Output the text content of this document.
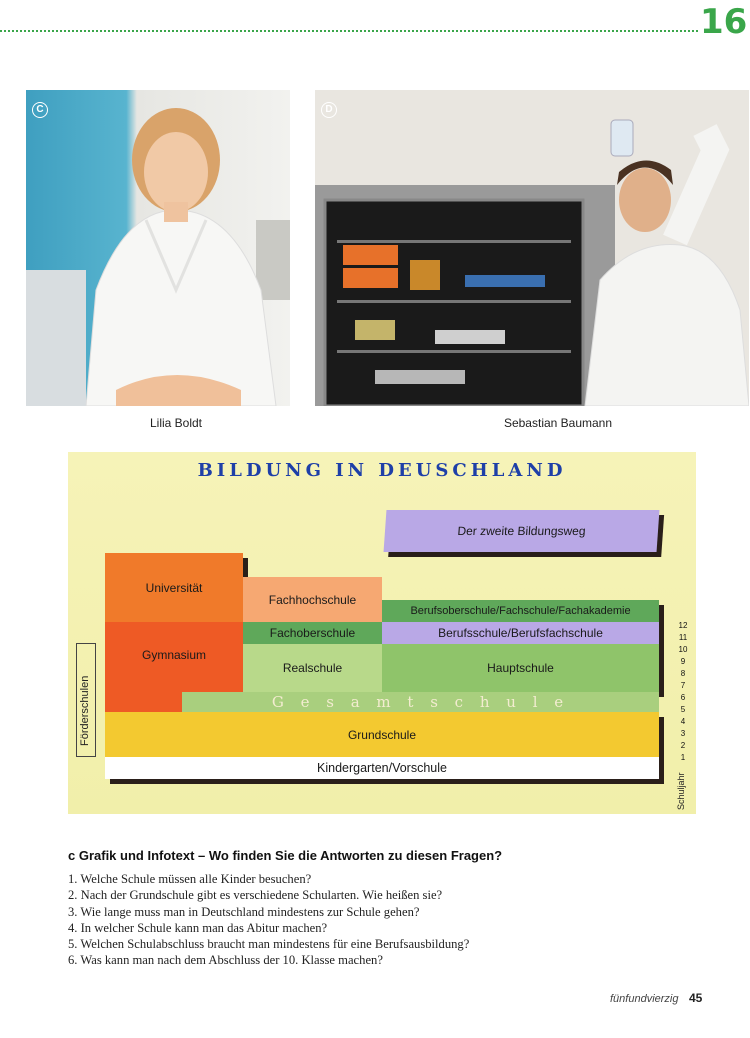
16
C
Lilia Boldt
D
Sebastian Baumann
BILDUNG IN DEUSCHLAND
Der zweite Bildungsweg
Universität
Fachhochschule
Berufsoberschule/Fachschule/Fachakademie
Gymnasium
Fachoberschule	Berufsschule/Berufsfachschule
Realschule	Hauptschule
G e s a m t s c h u l e
Grundschule
Kindergarten/Vorschule
Förderschulen
12
11
10
9
8
7
6
5
4
3
2
1
Schuljahr
c Grafik und Infotext – Wo finden Sie die Antworten zu diesen Fragen?
1. Welche Schule müssen alle Kinder besuchen?
2. Nach der Grundschule gibt es verschiedene Schularten. Wie heißen sie?
3. Wie lange muss man in Deutschland mindestens zur Schule gehen?
4. In welcher Schule kann man das Abitur machen?
5. Welchen Schulabschluss braucht man mindestens für eine Berufsausbildung?
6. Was kann man nach dem Abschluss der 10. Klasse machen?
fünfundvierzig 45
